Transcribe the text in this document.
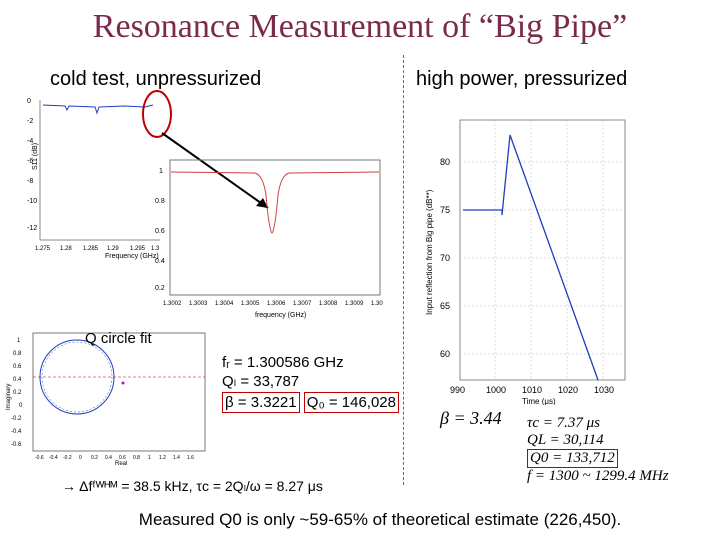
Resonance Measurement of “Big Pipe”
cold test, unpressurized	high power, pressurized
0
-2
-4
-6
-8
-10
-12
1.275 1.28 1.285 1.29 1.295 1.3
Frequency (GHz)
S11 (dB)
1
0.8
0.6
0.4
0.2
1.3002 1.3003 1.3004 1.3005 1.3006 1.3007 1.3008 1.3009 1.30
frequency (GHz)
1
0.8
0.6
0.4
0.2
0
-0.2
-0.4
-0.6
-0.6 -0.4 -0.2 0 0.2 0.4 0.6 0.8 1 1.2 1.4 1.6
Real
Imaginary
Q circle fit
fᵣ = 1.300586 GHz
Qₗ = 33,787
β = 3.3221 Q₀ = 146,028
→ Δfᶠᵂᴴᴹ = 38.5 kHz, τc = 2Qₗ/ω = 8.27 μs
80
75
70
65
60
990 1000 1010 1020 1030
Time (μs)
Input reflection from Big pipe (dB**)
β = 3.44 τc = 7.37 μs
QL = 30,114
Q0 = 133,712
f = 1300 ~ 1299.4 MHz
Measured Q0 is only ~59-65% of theoretical estimate (226,450).
